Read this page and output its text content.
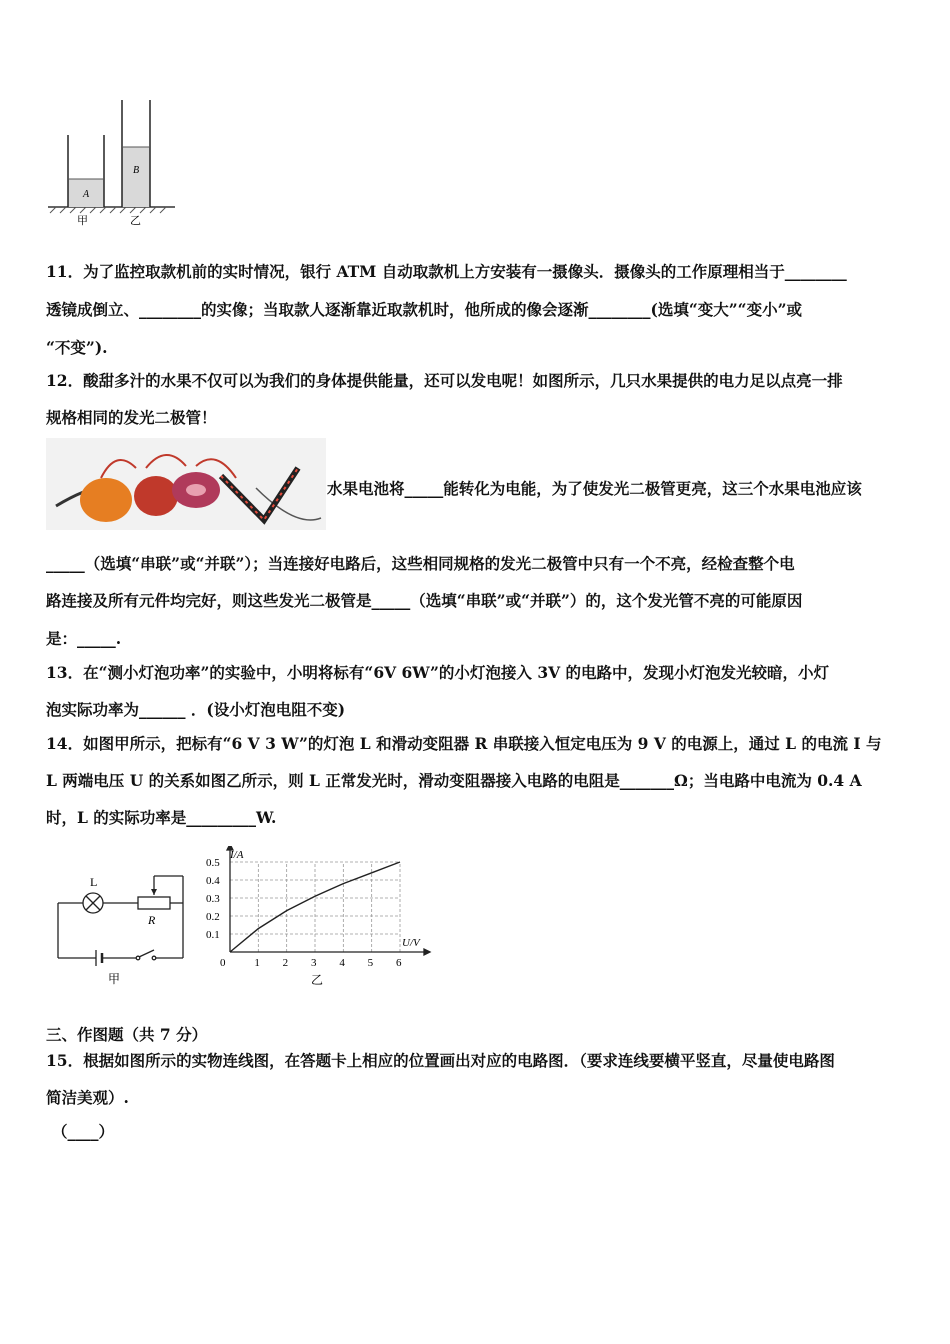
A
B
甲	乙
11．为了监控取款机前的实时情况，银行 ATM 自动取款机上方安装有一摄像头．摄像头的工作原理相当于________
透镜成倒立、________的实像；当取款人逐渐靠近取款机时，他所成的像会逐渐________(选填“变大”“变小”或
“不变”).
12．酸甜多汁的水果不仅可以为我们的身体提供能量，还可以发电呢！如图所示，几只水果提供的电力足以点亮一排
规格相同的发光二极管！
水果电池将_____能转化为电能，为了使发光二极管更亮，这三个水果电池应该
_____（选填“串联”或“并联”）；当连接好电路后，这些相同规格的发光二极管中只有一个不亮，经检查整个电
路连接及所有元件均完好，则这些发光二极管是_____（选填“串联”或“并联”）的，这个发光管不亮的可能原因
是：_____.
13．在“测小灯泡功率”的实验中，小明将标有“6V 6W”的小灯泡接入 3V 的电路中，发现小灯泡发光较暗，小灯
泡实际功率为______ ．(设小灯泡电阻不变)
14．如图甲所示，把标有“6 V 3 W”的灯泡 L 和滑动变阻器 R 串联接入恒定电压为 9 V 的电源上，通过 L 的电流 I 与
L 两端电压 U 的关系如图乙所示，则 L 正常发光时，滑动变阻器接入电路的电阻是_______Ω；当电路中电流为 0.4 A
时，L 的实际功率是_________W.
L
R
甲
1 2 3 4 5 6
0.1
0.2
0.3
0.4
0.5
I/A
U/V
0
乙
三、作图题（共 7 分）
15．根据如图所示的实物连线图，在答题卡上相应的位置画出对应的电路图．（要求连线要横平竖直，尽量使电路图
简洁美观）.
（____）
